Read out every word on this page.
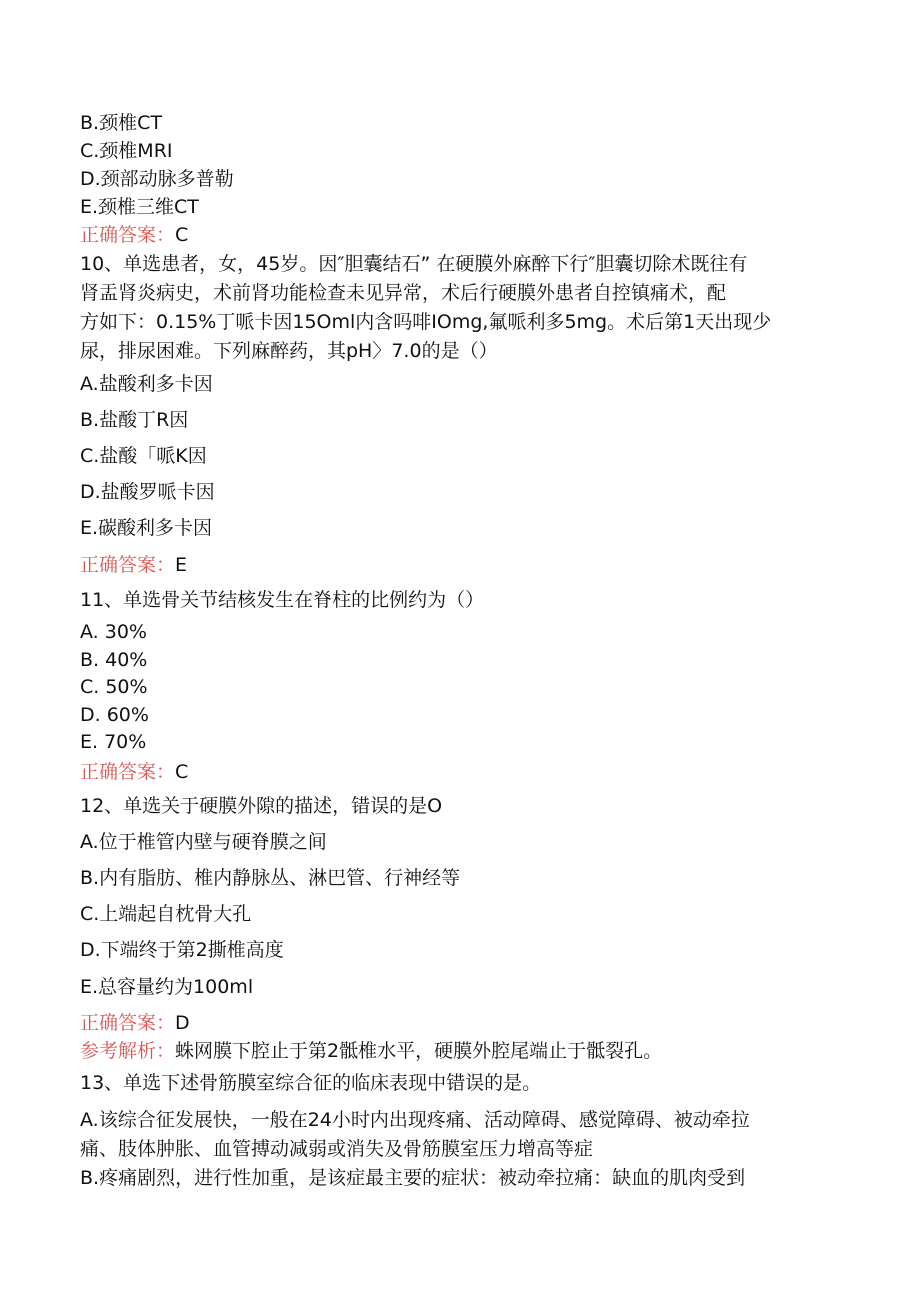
B.颈椎CT
C.颈椎MRI
D.颈部动脉多普勒
E.颈椎三维CT
正确答案：C
10、单选患者，女，45岁。因″胆囊结石” 在硬膜外麻醉下行″胆囊切除术既往有
肾盂肾炎病史，术前肾功能检查未见异常，术后行硬膜外患者自控镇痛术，配
方如下：0.15%丁哌卡因15Oml内含吗啡IOmg,氟哌利多5mg。术后第1天出现少
尿，排尿困难。下列麻醉药，其pH〉7.0的是（）
A.盐酸利多卡因
B.盐酸丁R因
C.盐酸「哌K因
D.盐酸罗哌卡因
E.碳酸利多卡因
正确答案：E
11、单选骨关节结核发生在脊柱的比例约为（）
A. 30%
B. 40%
C. 50%
D. 60%
E. 70%
正确答案：C
12、单选关于硬膜外隙的描述，错误的是O
A.位于椎管内壁与硬脊膜之间
B.内有脂肪、椎内静脉丛、淋巴管、行神经等
C.上端起自枕骨大孔
D.下端终于第2撕椎高度
E.总容量约为100ml
正确答案：D
参考解析：蛛网膜下腔止于第2骶椎水平，硬膜外腔尾端止于骶裂孔。
13、单选下述骨筋膜室综合征的临床表现中错误的是。
A.该综合征发展快，一般在24小时内出现疼痛、活动障碍、感觉障碍、被动牵拉
痛、肢体肿胀、血管搏动减弱或消失及骨筋膜室压力增高等症
B.疼痛剧烈，进行性加重，是该症最主要的症状：被动牵拉痛：缺血的肌肉受到
